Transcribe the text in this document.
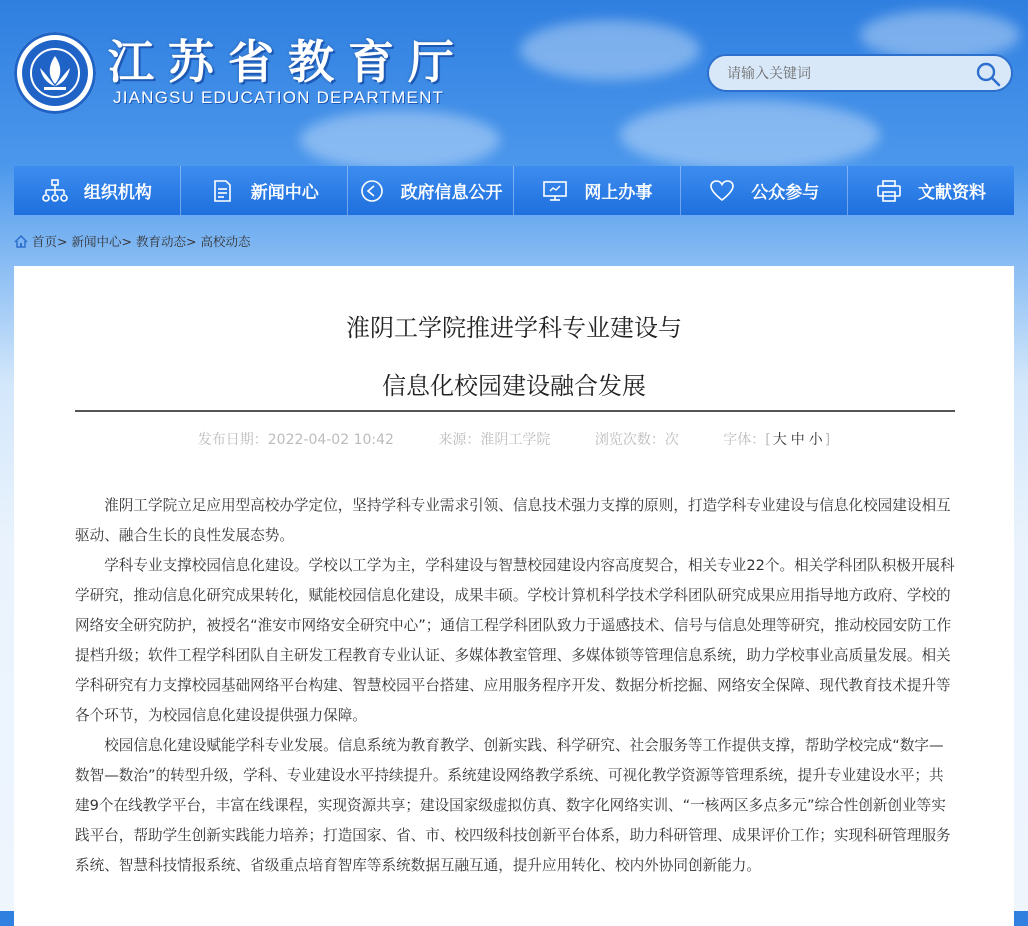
江苏省教育厅
JIANGSU EDUCATION DEPARTMENT
请输入关键词
组织机构	新闻中心	政府信息公开	网上办事	公众参与	文献资料
首页 >
新闻中心 >
教育动态 >
高校动态
淮阴工学院推进学科专业建设与
信息化校园建设融合发展
发布日期：2022-04-02 10:42	来源：淮阴工学院	浏览次数：次	字体：[ 大 中 小 ]

淮阴工学院立足应用型高校办学定位，坚持学科专业需求引领、信息技术强力支撑的原则，打造学科专业建设与信息化校园建设相互驱动、融合生长的良性发展态势。

学科专业支撑校园信息化建设。学校以工学为主，学科建设与智慧校园建设内容高度契合，相关专业22个。相关学科团队积极开展科学研究，推动信息化研究成果转化，赋能校园信息化建设，成果丰硕。学校计算机科学技术学科团队研究成果应用指导地方政府、学校的网络安全研究防护，被授名“淮安市网络安全研究中心”；通信工程学科团队致力于遥感技术、信号与信息处理等研究，推动校园安防工作提档升级；软件工程学科团队自主研发工程教育专业认证、多媒体教室管理、多媒体锁等管理信息系统，助力学校事业高质量发展。相关学科研究有力支撑校园基础网络平台构建、智慧校园平台搭建、应用服务程序开发、数据分析挖掘、网络安全保障、现代教育技术提升等各个环节，为校园信息化建设提供强力保障。

校园信息化建设赋能学科专业发展。信息系统为教育教学、创新实践、科学研究、社会服务等工作提供支撑，帮助学校完成“数字—数智—数治”的转型升级，学科、专业建设水平持续提升。系统建设网络教学系统、可视化教学资源等管理系统，提升专业建设水平；共建9个在线教学平台，丰富在线课程，实现资源共享；建设国家级虚拟仿真、数字化网络实训、“一核两区多点多元”综合性创新创业等实践平台，帮助学生创新实践能力培养；打造国家、省、市、校四级科技创新平台体系，助力科研管理、成果评价工作；实现科研管理服务系统、智慧科技情报系统、省级重点培育智库等系统数据互融互通，提升应用转化、校内外协同创新能力。
